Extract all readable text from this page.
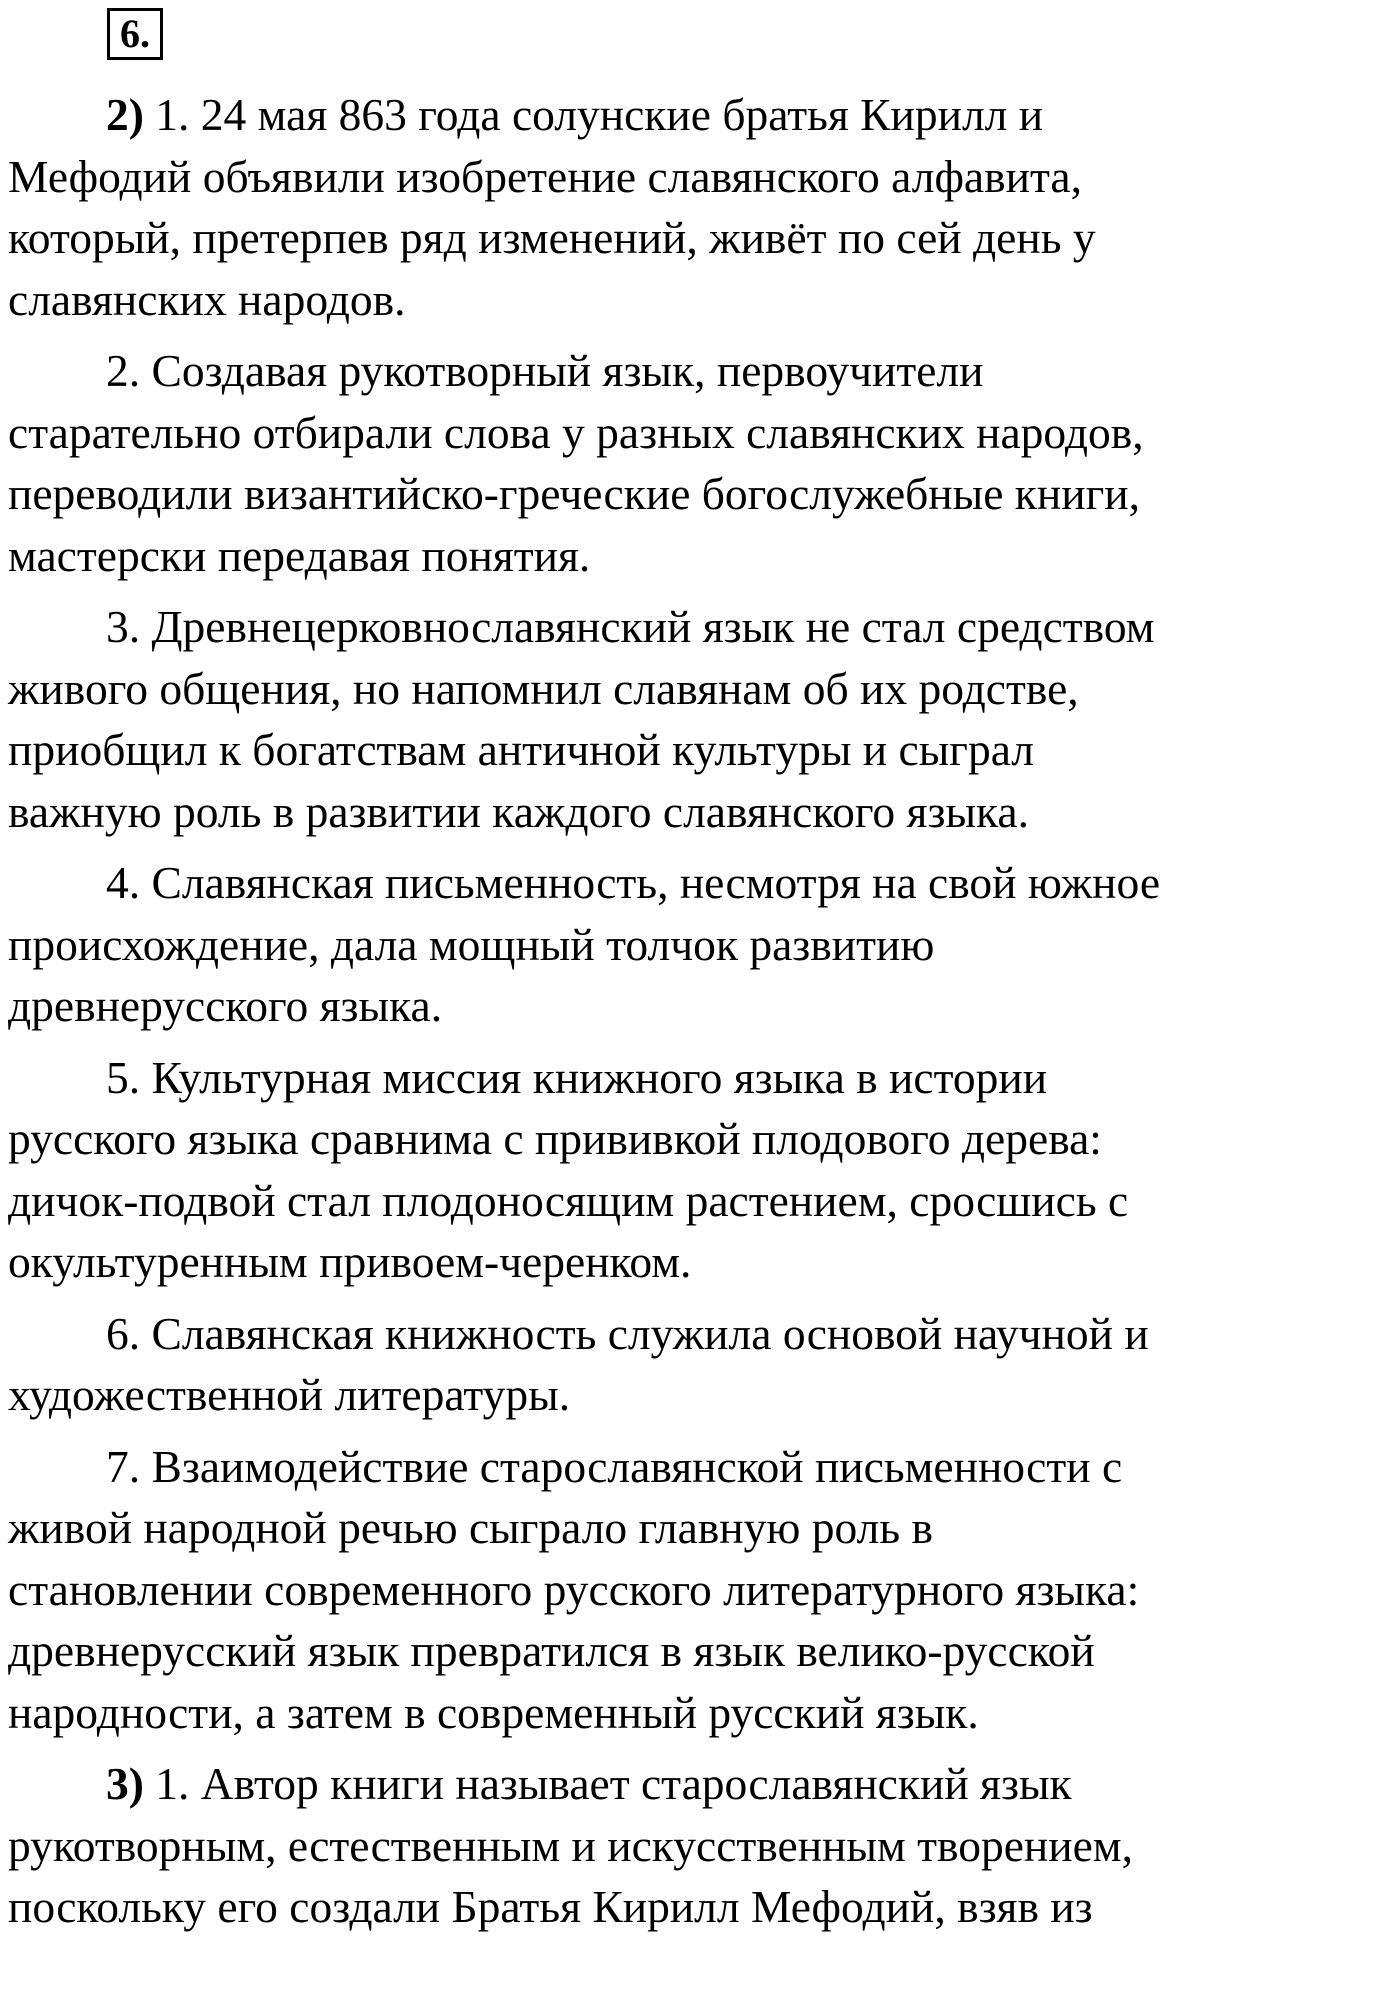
6.

2) 1. 24 мая 863 года солунские братья Кирилл и
Мефодий объявили изобретение славянского алфавита,
который, претерпев ряд изменений, живёт по сей день у
славянских народов.

2. Создавая рукотворный язык, первоучители
старательно отбирали слова у разных славянских народов,
переводили византийско-греческие богослужебные книги,
мастерски передавая понятия.

3. Древнецерковнославянский язык не стал средством
живого общения, но напомнил славянам об их родстве,
приобщил к богатствам античной культуры и сыграл
важную роль в развитии каждого славянского языка.

4. Славянская письменность, несмотря на свой южное
происхождение, дала мощный толчок развитию
древнерусского языка.

5. Культурная миссия книжного языка в истории
русского языка сравнима с прививкой плодового дерева:
дичок-подвой стал плодоносящим растением, сросшись с
окультуренным привоем-черенком.

6. Славянская книжность служила основой научной и
художественной литературы.

7. Взаимодействие старославянской письменности с
живой народной речью сыграло главную роль в
становлении современного русского литературного языка:
древнерусский язык превратился в язык велико-русской
народности, а затем в современный русский язык.

3) 1. Автор книги называет старославянский язык
рукотворным, естественным и искусственным творением,
поскольку его создали Братья Кирилл Мефодий, взяв из
